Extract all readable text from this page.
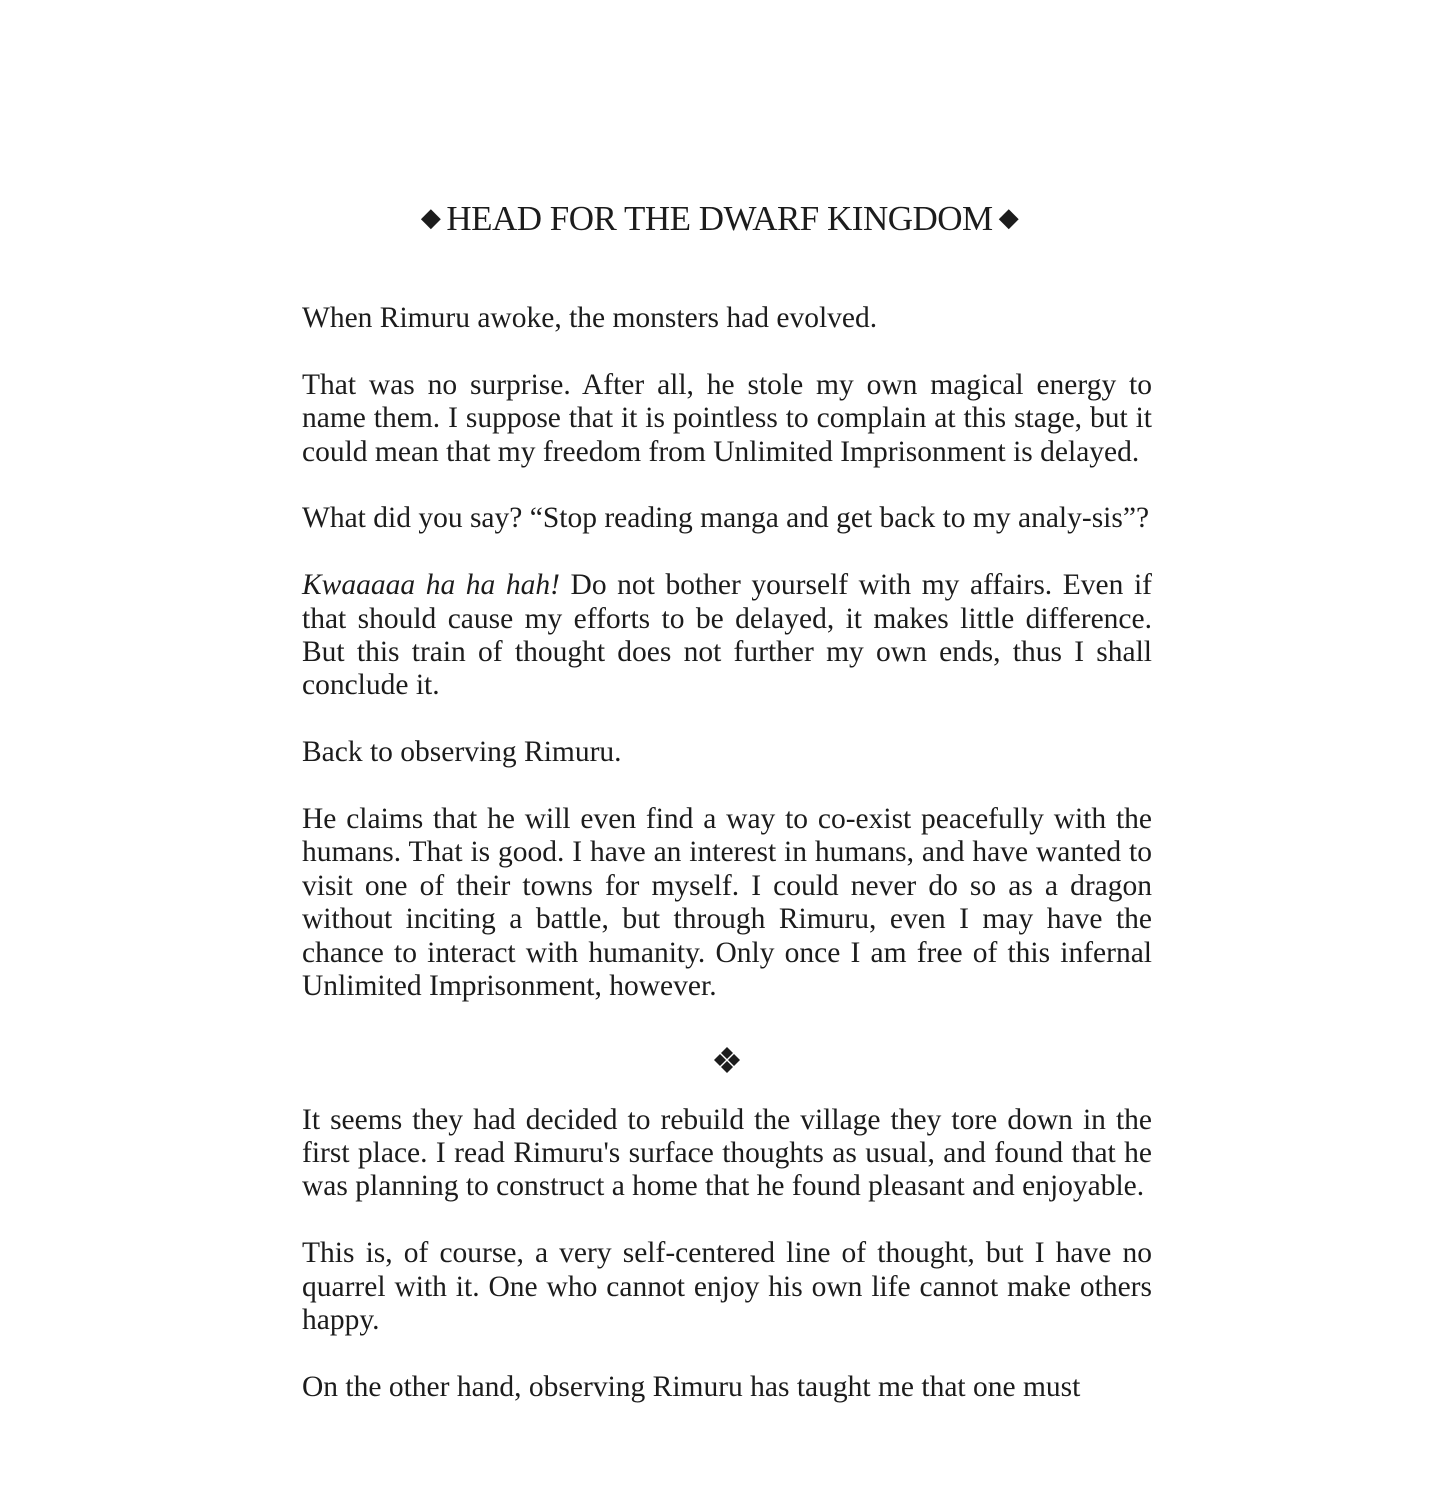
◆ HEAD FOR THE DWARF KINGDOM ◆

When Rimuru awoke, the monsters had evolved.

That was no surprise. After all, he stole my own magical energy to name them. I suppose that it is pointless to complain at this stage, but it could mean that my freedom from Unlimited Imprisonment is delayed.

What did you say? “Stop reading manga and get back to my analy-sis”?

Kwaaaaa ha ha hah! Do not bother yourself with my affairs. Even if that should cause my efforts to be delayed, it makes little difference. But this train of thought does not further my own ends, thus I shall conclude it.

Back to observing Rimuru.

He claims that he will even find a way to co-exist peacefully with the humans. That is good. I have an interest in humans, and have wanted to visit one of their towns for myself. I could never do so as a dragon without inciting a battle, but through Rimuru, even I may have the chance to interact with humanity. Only once I am free of this infernal Unlimited Imprisonment, however.

It seems they had decided to rebuild the village they tore down in the first place. I read Rimuru's surface thoughts as usual, and found that he was planning to construct a home that he found pleasant and enjoyable.

This is, of course, a very self-centered line of thought, but I have no quarrel with it. One who cannot enjoy his own life cannot make others happy.

On the other hand, observing Rimuru has taught me that one must
